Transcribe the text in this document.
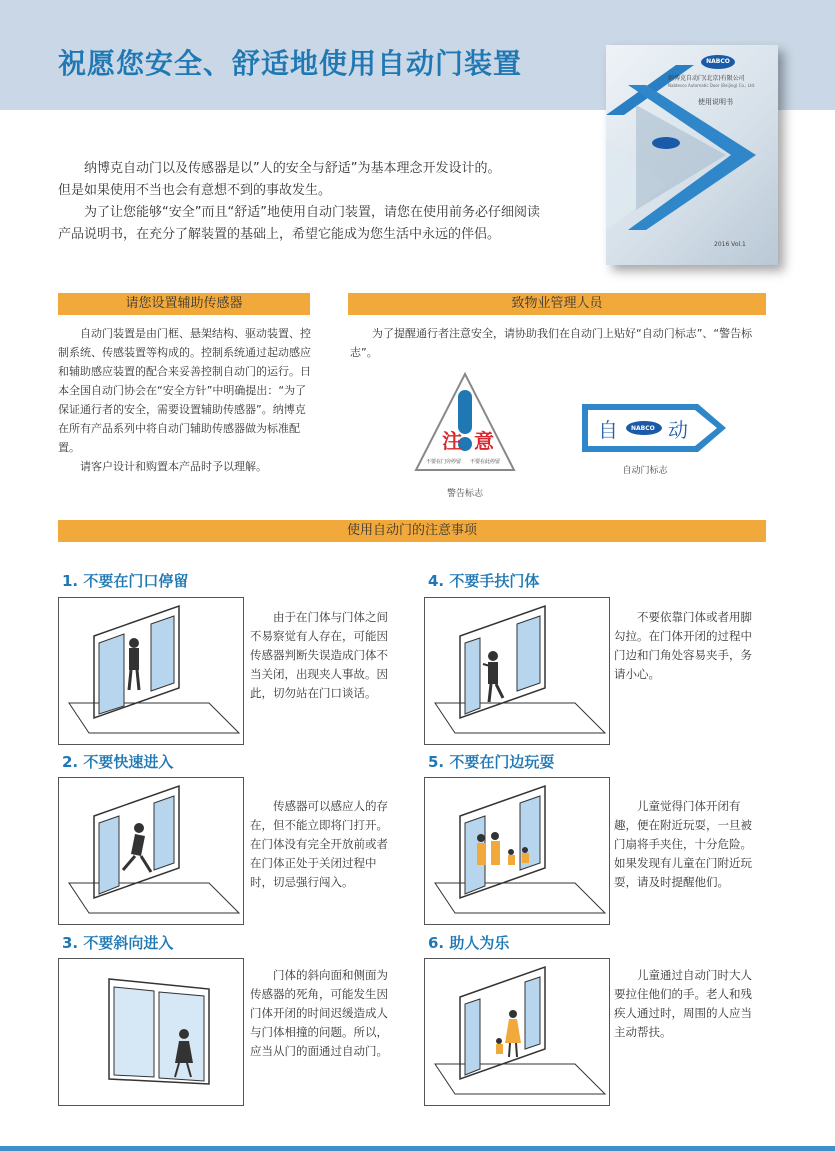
祝愿您安全、舒适地使用自动门装置	NABCO
纳博克自动门(北京)有限公司
Nabtesco Automatic Door (Beijing) Co., Ltd.
使用说明书
2016 Vol.1

纳博克自动门以及传感器是以”人的安全与舒适”为基本理念开发设计的。

但是如果使用不当也会有意想不到的事故发生。

为了让您能够“安全”而且“舒适”地使用自动门装置，请您在使用前务必仔细阅读

产品说明书，在充分了解装置的基础上，希望它能成为您生活中永远的伴侣。

请您设置辅助传感器	致物业管理人员

自动门装置是由门框、悬架结构、驱动装置、控制系统、传感装置等构成的。控制系统通过起动感应和辅助感应装置的配合来妥善控制自动门的运行。日本全国自动门协会在“安全方针”中明确提出：“为了保证通行者的安全，需要设置辅助传感器”。纳博克在所有产品系列中将自动门辅助传感器做为标准配置。

请客户设计和购置本产品时予以理解。

为了提醒通行者注意安全，请协助我们在自动门上贴好“自动门标志”、“警告标志”。

注 意
不要在门旁停留 不要在此停留
警告标志
自 NABCO 动
自动门标志
使用自动门的注意事项
1. 不要在门口停留
由于在门体与门体之间不易察觉有人存在，可能因传感器判断失误造成门体不当关闭，出现夹人事故。因此，切勿站在门口谈话。
2. 不要快速进入
传感器可以感应人的存在，但不能立即将门打开。在门体没有完全开放前或者在门体正处于关闭过程中时，切忌强行闯入。
3. 不要斜向进入
门体的斜向面和侧面为传感器的死角，可能发生因门体开闭的时间迟缓造成人与门体相撞的问题。所以，应当从门的面通过自动门。
4. 不要手扶门体
不要依靠门体或者用脚勾拉。在门体开闭的过程中门边和门角处容易夹手，务请小心。
5. 不要在门边玩耍
儿童觉得门体开闭有趣，便在附近玩耍，一旦被门扇将手夹住，十分危险。如果发现有儿童在门附近玩耍，请及时提醒他们。
6. 助人为乐
儿童通过自动门时大人要拉住他们的手。老人和残疾人通过时，周围的人应当主动帮扶。
